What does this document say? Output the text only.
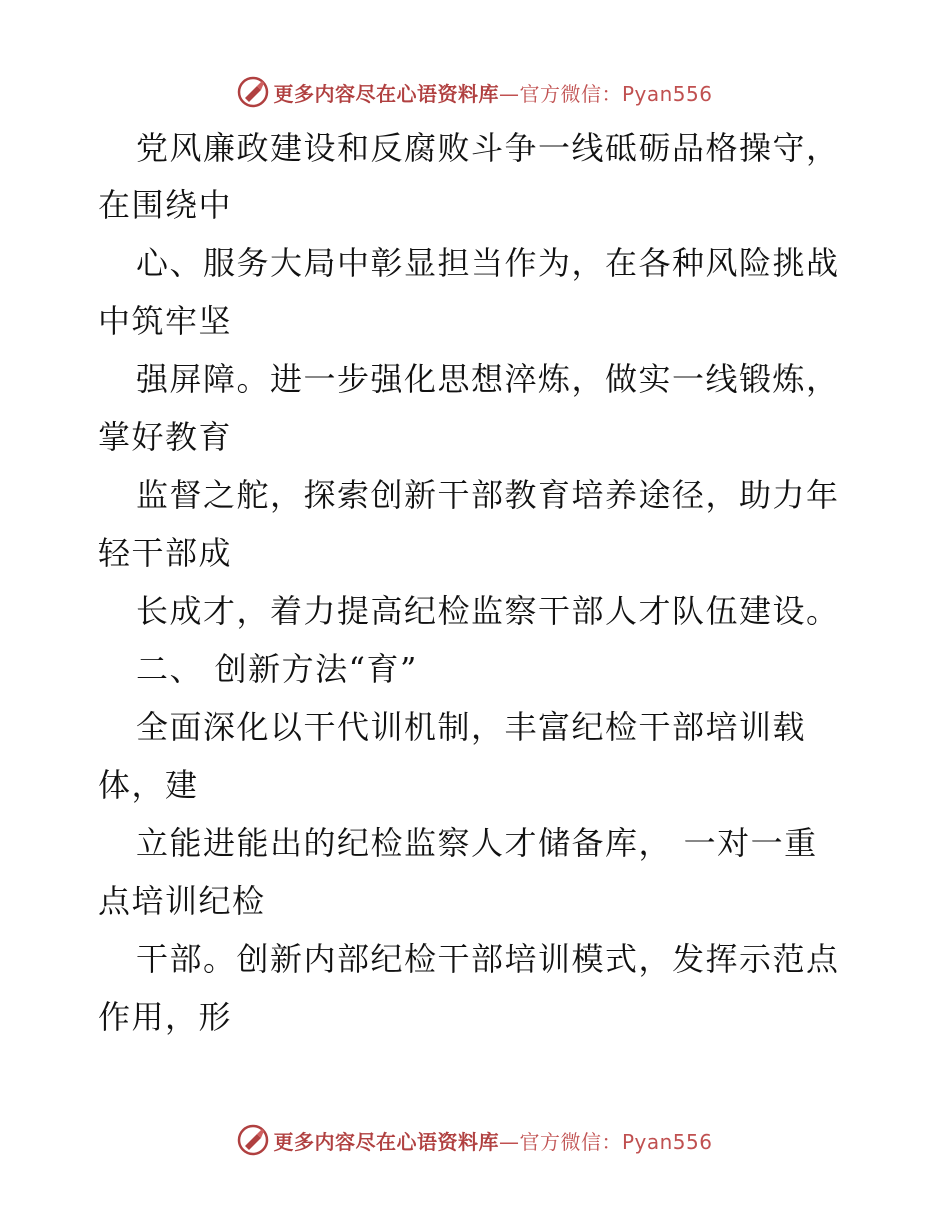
更多内容尽在心语资料库 —官方微信：Pyan556
党风廉政建设和反腐败斗争一线砥砺品格操守，
在围绕中
心、服务大局中彰显担当作为，在各种风险挑战
中筑牢坚
强屏障。进一步强化思想淬炼，做实一线锻炼，
掌好教育
监督之舵，探索创新干部教育培养途径，助力年
轻干部成
长成才，着力提高纪检监察干部人才队伍建设。
二、 创新方法“育”
全面深化以干代训机制，丰富纪检干部培训载
体，建
立能进能出的纪检监察人才储备库， 一对一重
点培训纪检
干部。创新内部纪检干部培训模式，发挥示范点
作用，形
更多内容尽在心语资料库 —官方微信：Pyan556
